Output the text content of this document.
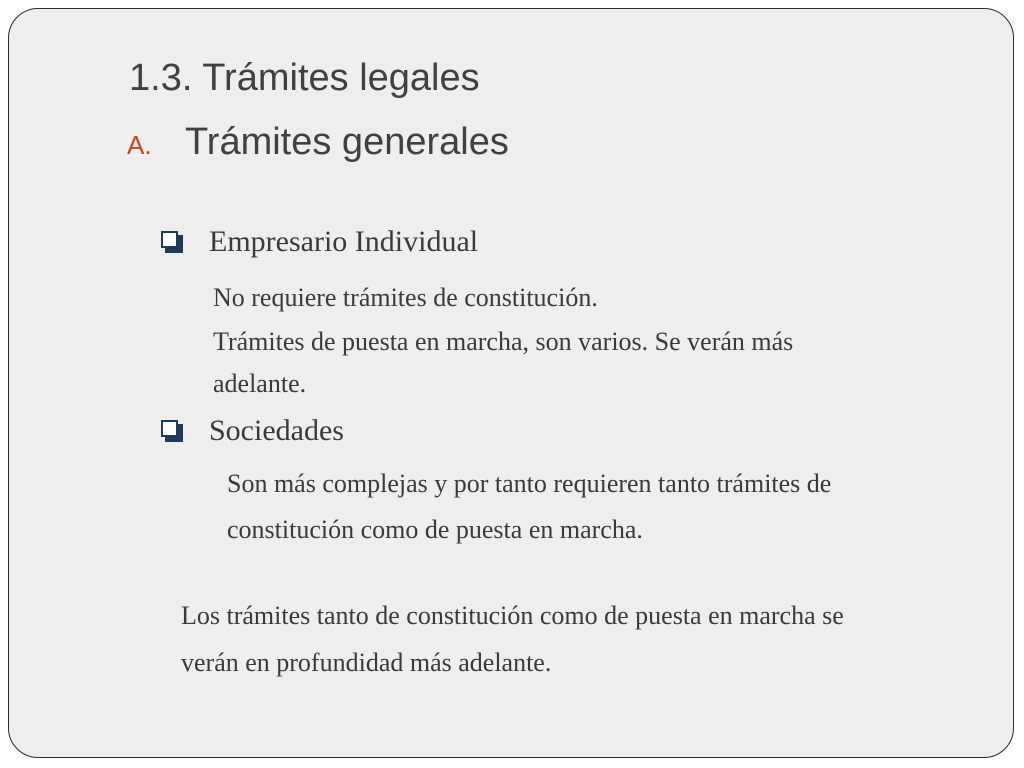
1.3. Trámites legales
A. Trámites generales
Empresario Individual
No requiere trámites de constitución.
Trámites de puesta en marcha, son varios. Se verán más
adelante.
Sociedades
Son más complejas y por tanto requieren tanto trámites de
constitución como de puesta en marcha.
Los trámites tanto de constitución como de puesta en marcha se
verán en profundidad más adelante.
